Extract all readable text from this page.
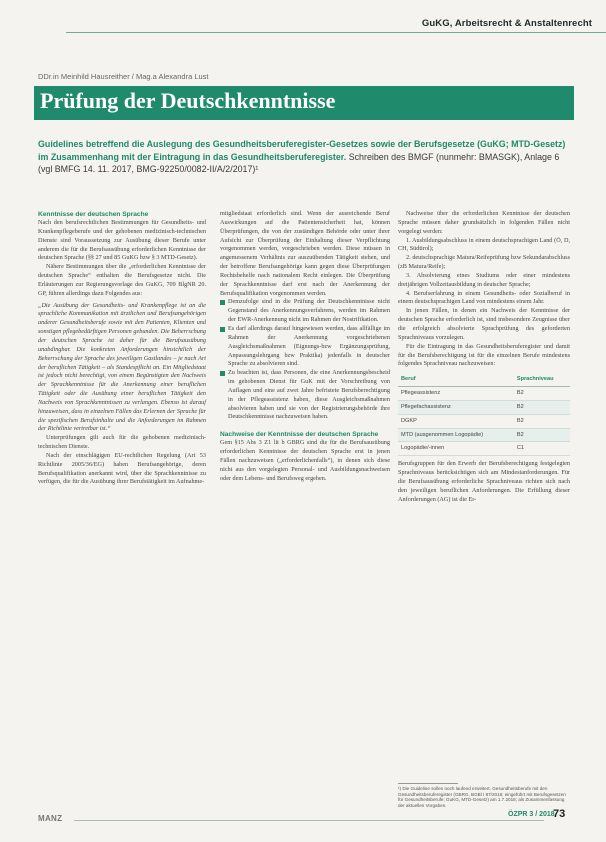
GuKG, Arbeitsrecht & Anstaltenrecht
DDr.in Meinhild Hausreither / Mag.a Alexandra Lust
Prüfung der Deutschkenntnisse
Guidelines betreffend die Auslegung des Gesundheitsberuferegister-Gesetzes sowie der Berufsgesetze (GuKG; MTD-Gesetz) im Zusammenhang mit der Eintragung in das Gesundheitsberuferegister. Schreiben des BMGF (nunmehr: BMASGK), Anlage 6 (vgl BMFG 14. 11. 2017, BMG-92250/0082-II/A/2/2017)¹
Kenntnisse der deutschen Sprache

Nach den berufsrechtlichen Bestimmungen für Gesundheits- und Krankenpflegeberufe und der gehobenen medizinisch-technischen Dienste sind Voraussetzung zur Ausübung dieser Berufe unter anderem die für die Berufsausübung erforderlichen Kenntnisse der deutschen Sprache (§§ 27 und 85 GuKG bzw § 3 MTD-Gesetz).

Nähere Bestimmungen über die „erforderlichen Kenntnisse der deutschen Sprache“ enthalten die Berufsgesetze nicht. Die Erläuterungen zur Regierungsvorlage des GuKG, 709 BlgNR 20. GP, führen allerdings dazu Folgendes aus:

„Die Ausübung der Gesundheits- und Krankenpflege ist an die sprachliche Kommunikation mit ärztlichen und Berufsangehörigen anderer Gesundheitsberufe sowie mit den Patienten, Klienten und sonstigen pflegebedürftigen Personen gebunden. Die Beherrschung der deutschen Sprache ist daher für die Berufsausübung unabdingbar. Die konkreten Anforderungen hinsichtlich der Beherrschung der Sprache des jeweiligen Gastlandes – je nach Art der beruflichen Tätigkeit – als Standespflicht an. Ein Mitgliedstaat ist jedoch nicht berechtigt, von einem Begünstigten den Nachweis der Sprachkenntnisse für die Anerkennung einer beruflichen Tätigkeit oder die Ausübung einer beruflichen Tätigkeit den Nachweis von Sprachkenntnissen zu verlangen. Ebenso ist darauf hinzuweisen, dass in einzelnen Fällen das Erlernen der Sprache für die spezifischen Berufsinhalte und die Anforderungen im Rahmen der Richtlinie vertretbar ist.“

Unterprüfungen gilt auch für die gehobenen medizinisch-technischen Dienste.

Nach der einschlägigen EU-rechtlichen Regelung (Art 53 Richtlinie 2005/36/EG) haben Berufsangehörige, deren Berufsqualifikation anerkannt wird, über die Sprachkenntnisse zu verfügen, die für die Ausübung ihrer Berufstätigkeit im Aufnahme-

mitgliedstaat erforderlich sind. Wenn der ausreichende Beruf Auswirkungen auf die Patientensicherheit hat, können Überprüfungen, die von der zuständigen Behörde oder unter ihrer Aufsicht zur Überprüfung der Einhaltung dieser Verpflichtung vorgenommen werden, vorgeschrieben werden. Diese müssen in angemessenem Verhältnis zur auszuübenden Tätigkeit stehen, und der betroffene Berufsangehörige kann gegen diese Überprüfungen Rechtsbehelfe nach nationalem Recht einlegen. Die Überprüfung der Sprachkenntnisse darf erst nach der Anerkennung der Berufsqualifikation vorgenommen werden.

Demzufolge sind in die Prüfung der Deutschkenntnisse nicht Gegenstand des Anerkennungsverfahrens, werden im Rahmen der EWR-Anerkennung nicht im Rahmen der Nostrifikation.
Es darf allerdings darauf hingewiesen werden, dass allfällige im Rahmen der Anerkennung vorgeschriebenen Ausgleichsmaßnahmen (Eignungs-bzw Ergänzungsprüfung, Anpassungslehrgang bzw Praktika) jedenfalls in deutscher Sprache zu absolvieren sind.
Zu beachten ist, dass Personen, die eine Anerkennungsbescheid im gehobenen Dienst für GuK mit der Vorschreibung von Auflagen und eine auf zwei Jahre befristete Berufsberechtigung in der Pflegeassistenz haben, diese Ausgleichsmaßnahmen absolvieren haben und sie von der Registrierungsbehörde ihre Deutschkenntnisse nachzuweisen haben.
Nachweise der Kenntnisse der deutschen Sprache

Gem §15 Abs 3 Z1 lit b GBRG sind die für die Berufsausübung erforderlichen Kenntnisse der deutschen Sprache erst in jenen Fällen nachzuweisen („erforderlichenfalls“), in denen sich diese nicht aus den vorgelegten Personal- und Ausbildungsnachweisen oder dem Lebens- und Berufsweg ergeben.

Nachweise über die erforderlichen Kenntnisse der deutschen Sprache müssen daher grundsätzlich in folgenden Fällen nicht vorgelegt werden:

1. Ausbildungsabschluss in einem deutschsprachigen Land (Ö, D, CH, Südtirol);

2. deutschsprachige Matura/Reifeprüfung bzw Sekundarabschluss (zB Maturа/Reife);

3. Absolvierung eines Studiums oder einer mindestens dreijährigen Vollzeitausbildung in deutscher Sprache;

4. Berufserfahrung in einem Gesundheits- oder Sozialberuf in einem deutschsprachigen Land von mindestens einem Jahr.

In jenen Fällen, in denen ein Nachweis der Kenntnisse der deutschen Sprache erforderlich ist, sind insbesondere Zeugnisse über die erfolgreich absolvierte Sprachprüfung des geforderten Sprachniveaus vorzulegen.

Für die Eintragung in das Gesundheitsberuferegister und damit für die Berufsberechtigung ist für die einzelnen Berufe mindestens folgendes Sprachniveau nachzuweisen:

Beruf	Sprachniveau
Pflegeassistenz	B2
Pflegefachassistenz	B2
DGKP	B2
MTD (ausgenommen Logopädie)	B2
Logopädie/-innen	C1

Berufsgruppen für den Erwerb der Berufsberechtigung festgelegten Sprachniveaus berücksichtigen sich am Mindestanforderungen. Für die Berufsausübung erforderliche Sprachniveaus richten sich nach den jeweiligen beruflichen Anforderungen. Die Erfüllung dieser Anforderungen (AG) ist die Er-

¹) Die Guideline sollen noch laufend erweitert. Gesundheitsberufe mit den Gesundheitsberuferegister (GBRG, BGBl I 87/2016; eingeführt mit Berufsgesetzen für Gesundheitsberufe; GuKG, MTD-Gesetz) am 1.7.2018; als Zusammenfassung der aktuellen Vorgaben.
MANZ	ÖZPR 3 / 2018
73
